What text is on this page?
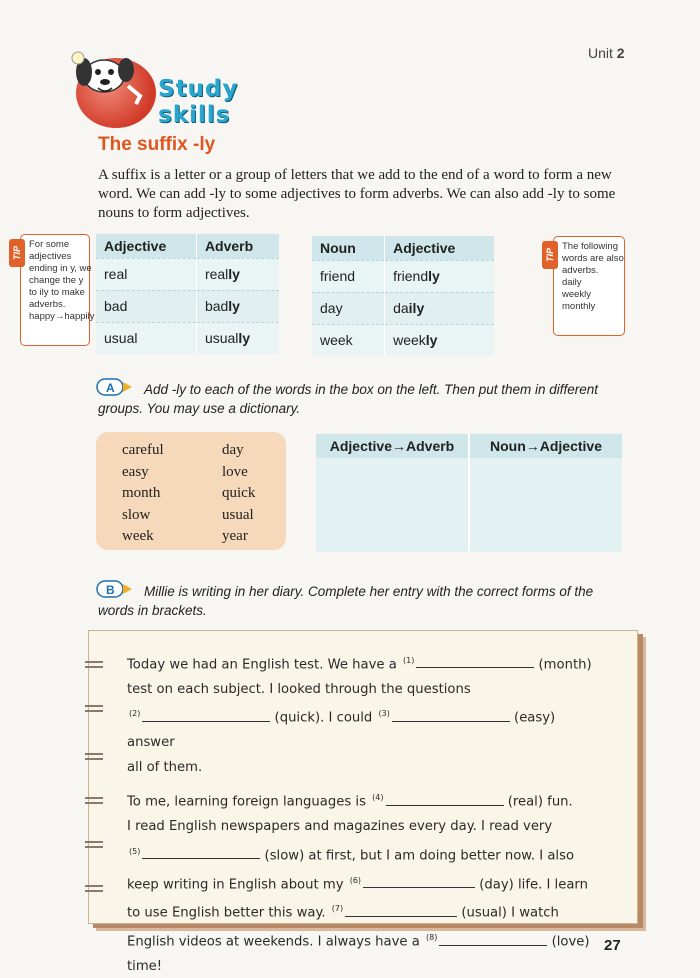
Unit 2
Study skills
The suffix -ly
A suffix is a letter or a group of letters that we add to the end of a word to form a new word. We can add -ly to some adjectives to form adverbs. We can also add -ly to some nouns to form adjectives.
TIP
For some
adjectives
ending in y, we
change the y
to ily to make
adverbs.
happy→happily
Adjective	Adverb
real	really
bad	badly
usual	usually
Noun	Adjective
friend	friendly
day	daily
week	weekly
TIP
The following
words are also
adverbs.
daily
weekly
monthly
A	Add -ly to each of the words in the box on the left. Then put them in different groups. You may use a dictionary.
careful
easy
month
slow
week
day
love
quick
usual
year
Adjective→Adverb	Noun→Adjective
B	Millie is writing in her diary. Complete her entry with the correct forms of the words in brackets.

Today we had an English test. We have a $^{(1)}$	(month)
test on each subject. I looked through the questions
$^{(2)}$	(quick). I could $^{(3)}$	(easy) answer
all of them.

To me, learning foreign languages is $^{(4)}$	(real) fun.
I read English newspapers and magazines every day. I read very
$^{(5)}$	(slow) at first, but I am doing better now. I also
keep writing in English about my $^{(6)}$	(day) life. I learn
to use English better this way. $^{(7)}$	(usual) I watch
English videos at weekends. I always have a $^{(8)}$	(love)
time!

27
